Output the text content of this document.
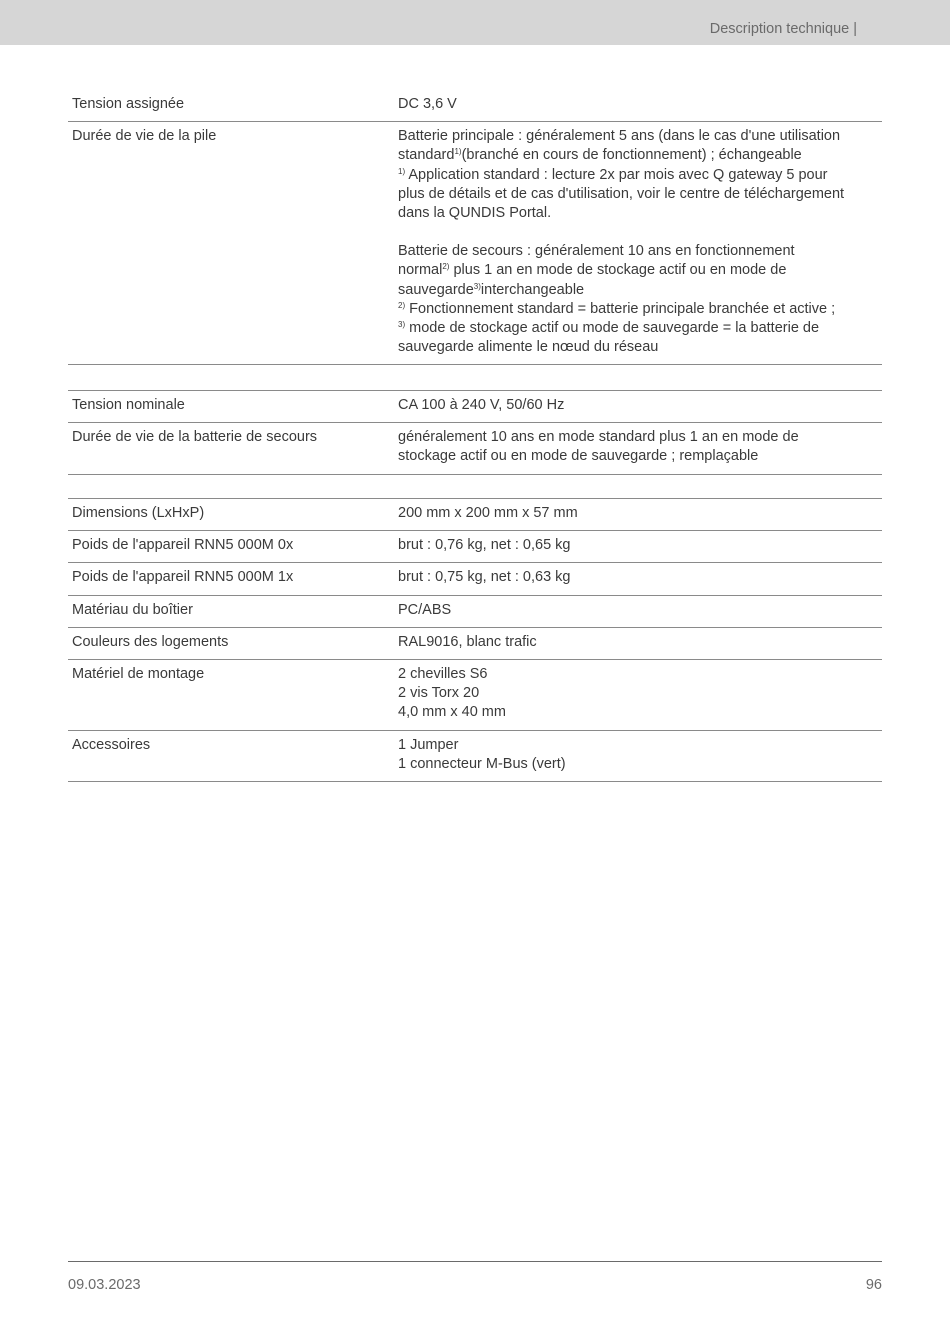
Description technique |
Tension assignée	DC 3,6 V
Durée de vie de la pile	Batterie principale : généralement 5 ans (dans le cas d'une utilisation
standard$^{1)}$(branché en cours de fonctionnement) ; échangeable
$^{1)}$ Application standard : lecture 2x par mois avec Q gateway 5 pour
plus de détails et de cas d'utilisation, voir le centre de téléchargement
dans la QUNDIS Portal.
Batterie de secours : généralement 10 ans en fonctionnement
normal$^{2)}$ plus 1 an en mode de stockage actif ou en mode de
sauvegarde$^{3)}$interchangeable
$^{2)}$ Fonctionnement standard = batterie principale branchée et active ;
$^{3)}$ mode de stockage actif ou mode de sauvegarde = la batterie de
sauvegarde alimente le nœud du réseau
Tension nominale	CA 100 à 240 V, 50/60 Hz
Durée de vie de la batterie de secours	généralement 10 ans en mode standard plus 1 an en mode de
stockage actif ou en mode de sauvegarde ; remplaçable
Dimensions (LxHxP)	200 mm x 200 mm x 57 mm
Poids de l'appareil RNN5 000M 0x	brut : 0,76 kg, net : 0,65 kg
Poids de l'appareil RNN5 000M 1x	brut : 0,75 kg, net : 0,63 kg
Matériau du boîtier	PC/ABS
Couleurs des logements	RAL9016, blanc trafic
Matériel de montage	2 chevilles S6
2 vis Torx 20
4,0 mm x 40 mm
Accessoires	1 Jumper
1 connecteur M-Bus (vert)
09.03.2023	96
